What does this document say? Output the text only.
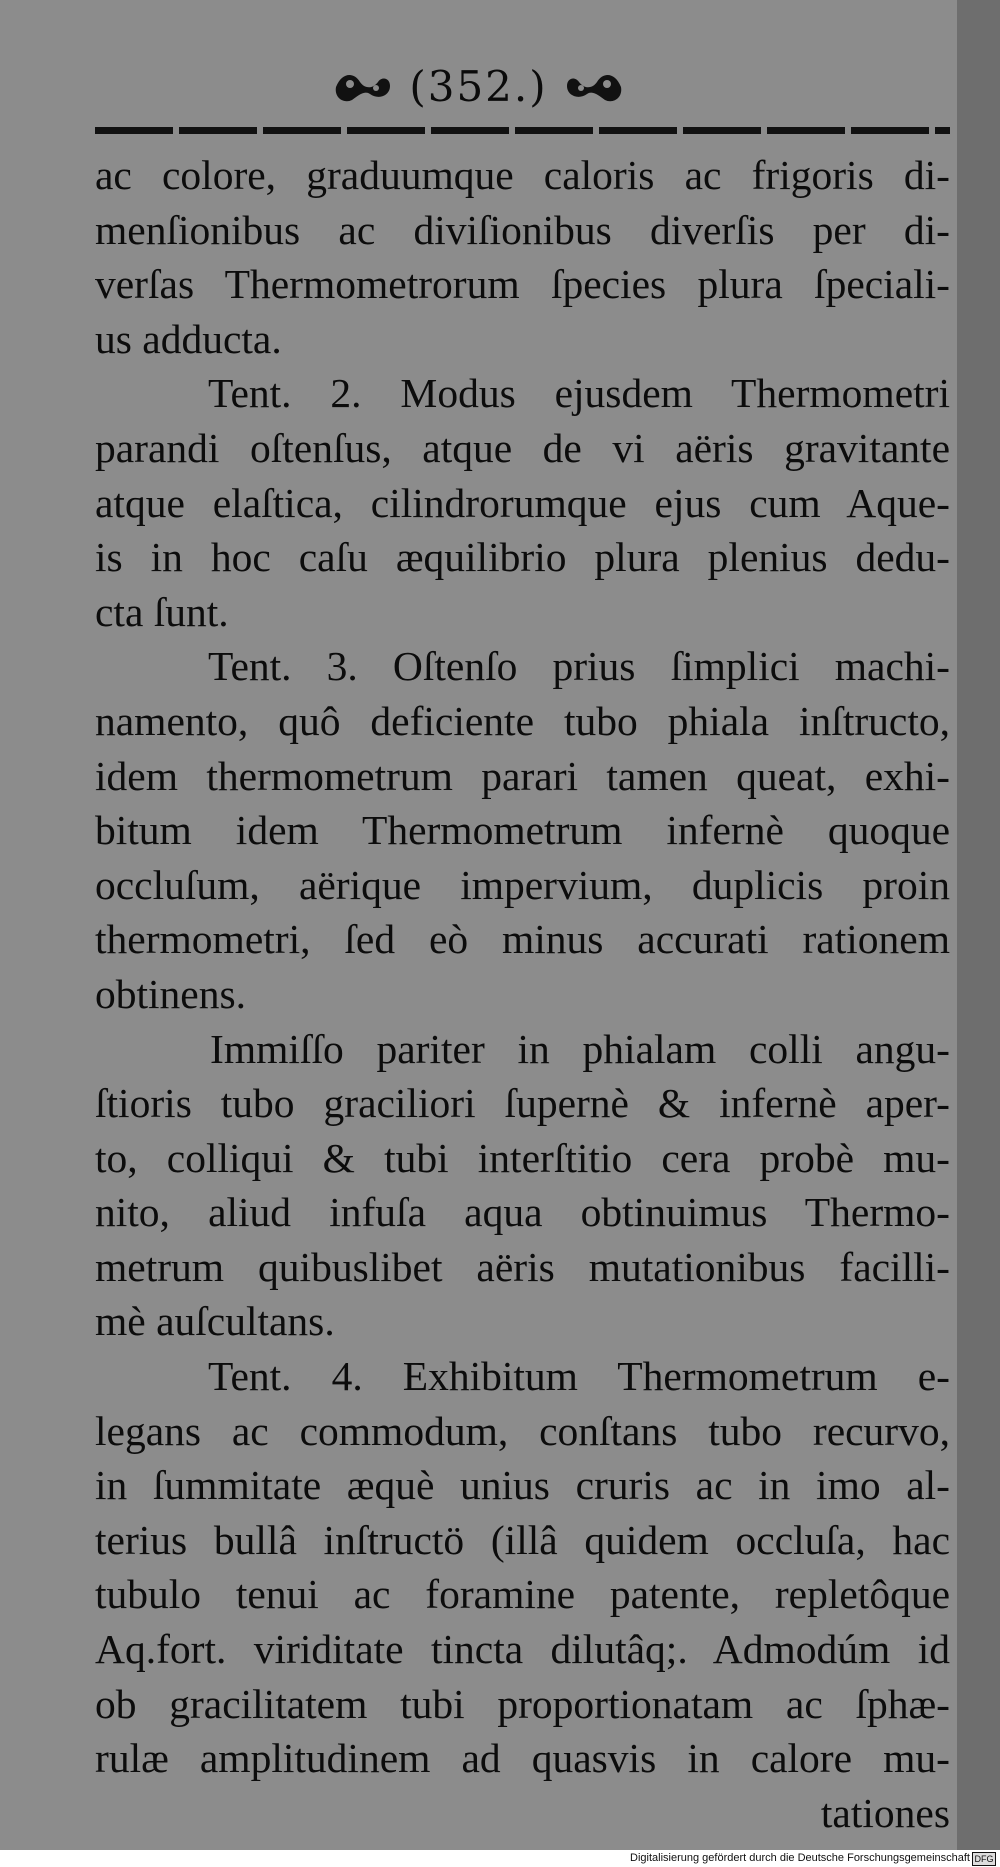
(352.)
ac colore, graduumque caloris ac frigoris di-
menſionibus ac diviſionibus diverſis per di-
verſas Thermometrorum ſpecies plura ſpeciali-
us adducta.
Tent. 2. Modus ejusdem Thermometri
parandi oſtenſus, atque de vi aëris gravitante
atque elaſtica, cilindrorumque ejus cum Aque-
is in hoc caſu æquilibrio plura plenius dedu-
cta ſunt.
Tent. 3. Oſtenſo prius ſimplici machi-
namento, quô deficiente tubo phiala inſtructo,
idem thermometrum parari tamen queat, exhi-
bitum idem Thermometrum infernè quoque
occluſum, aërique impervium, duplicis proin
thermometri, ſed eò minus accurati rationem
obtinens.
Immiſſo pariter in phialam colli angu-
ſtioris tubo graciliori ſupernè & infernè aper-
to, colliqui & tubi interſtitio cera probè mu-
nito, aliud infuſa aqua obtinuimus Thermo-
metrum quibuslibet aëris mutationibus facilli-
mè auſcultans.
Tent. 4. Exhibitum Thermometrum e-
legans ac commodum, conſtans tubo recurvo,
in ſummitate æquè unius cruris ac in imo al-
terius bullâ inſtructö (illâ quidem occluſa, hac
tubulo tenui ac foramine patente, repletôque
Aq.fort. viriditate tincta dilutâq;. Admodúm id
ob gracilitatem tubi proportionatam ac ſphæ-
rulæ amplitudinem ad quasvis in calore mu-
tationes
Digitalisierung gefördert durch die Deutsche Forschungsgemeinschaft DFG
